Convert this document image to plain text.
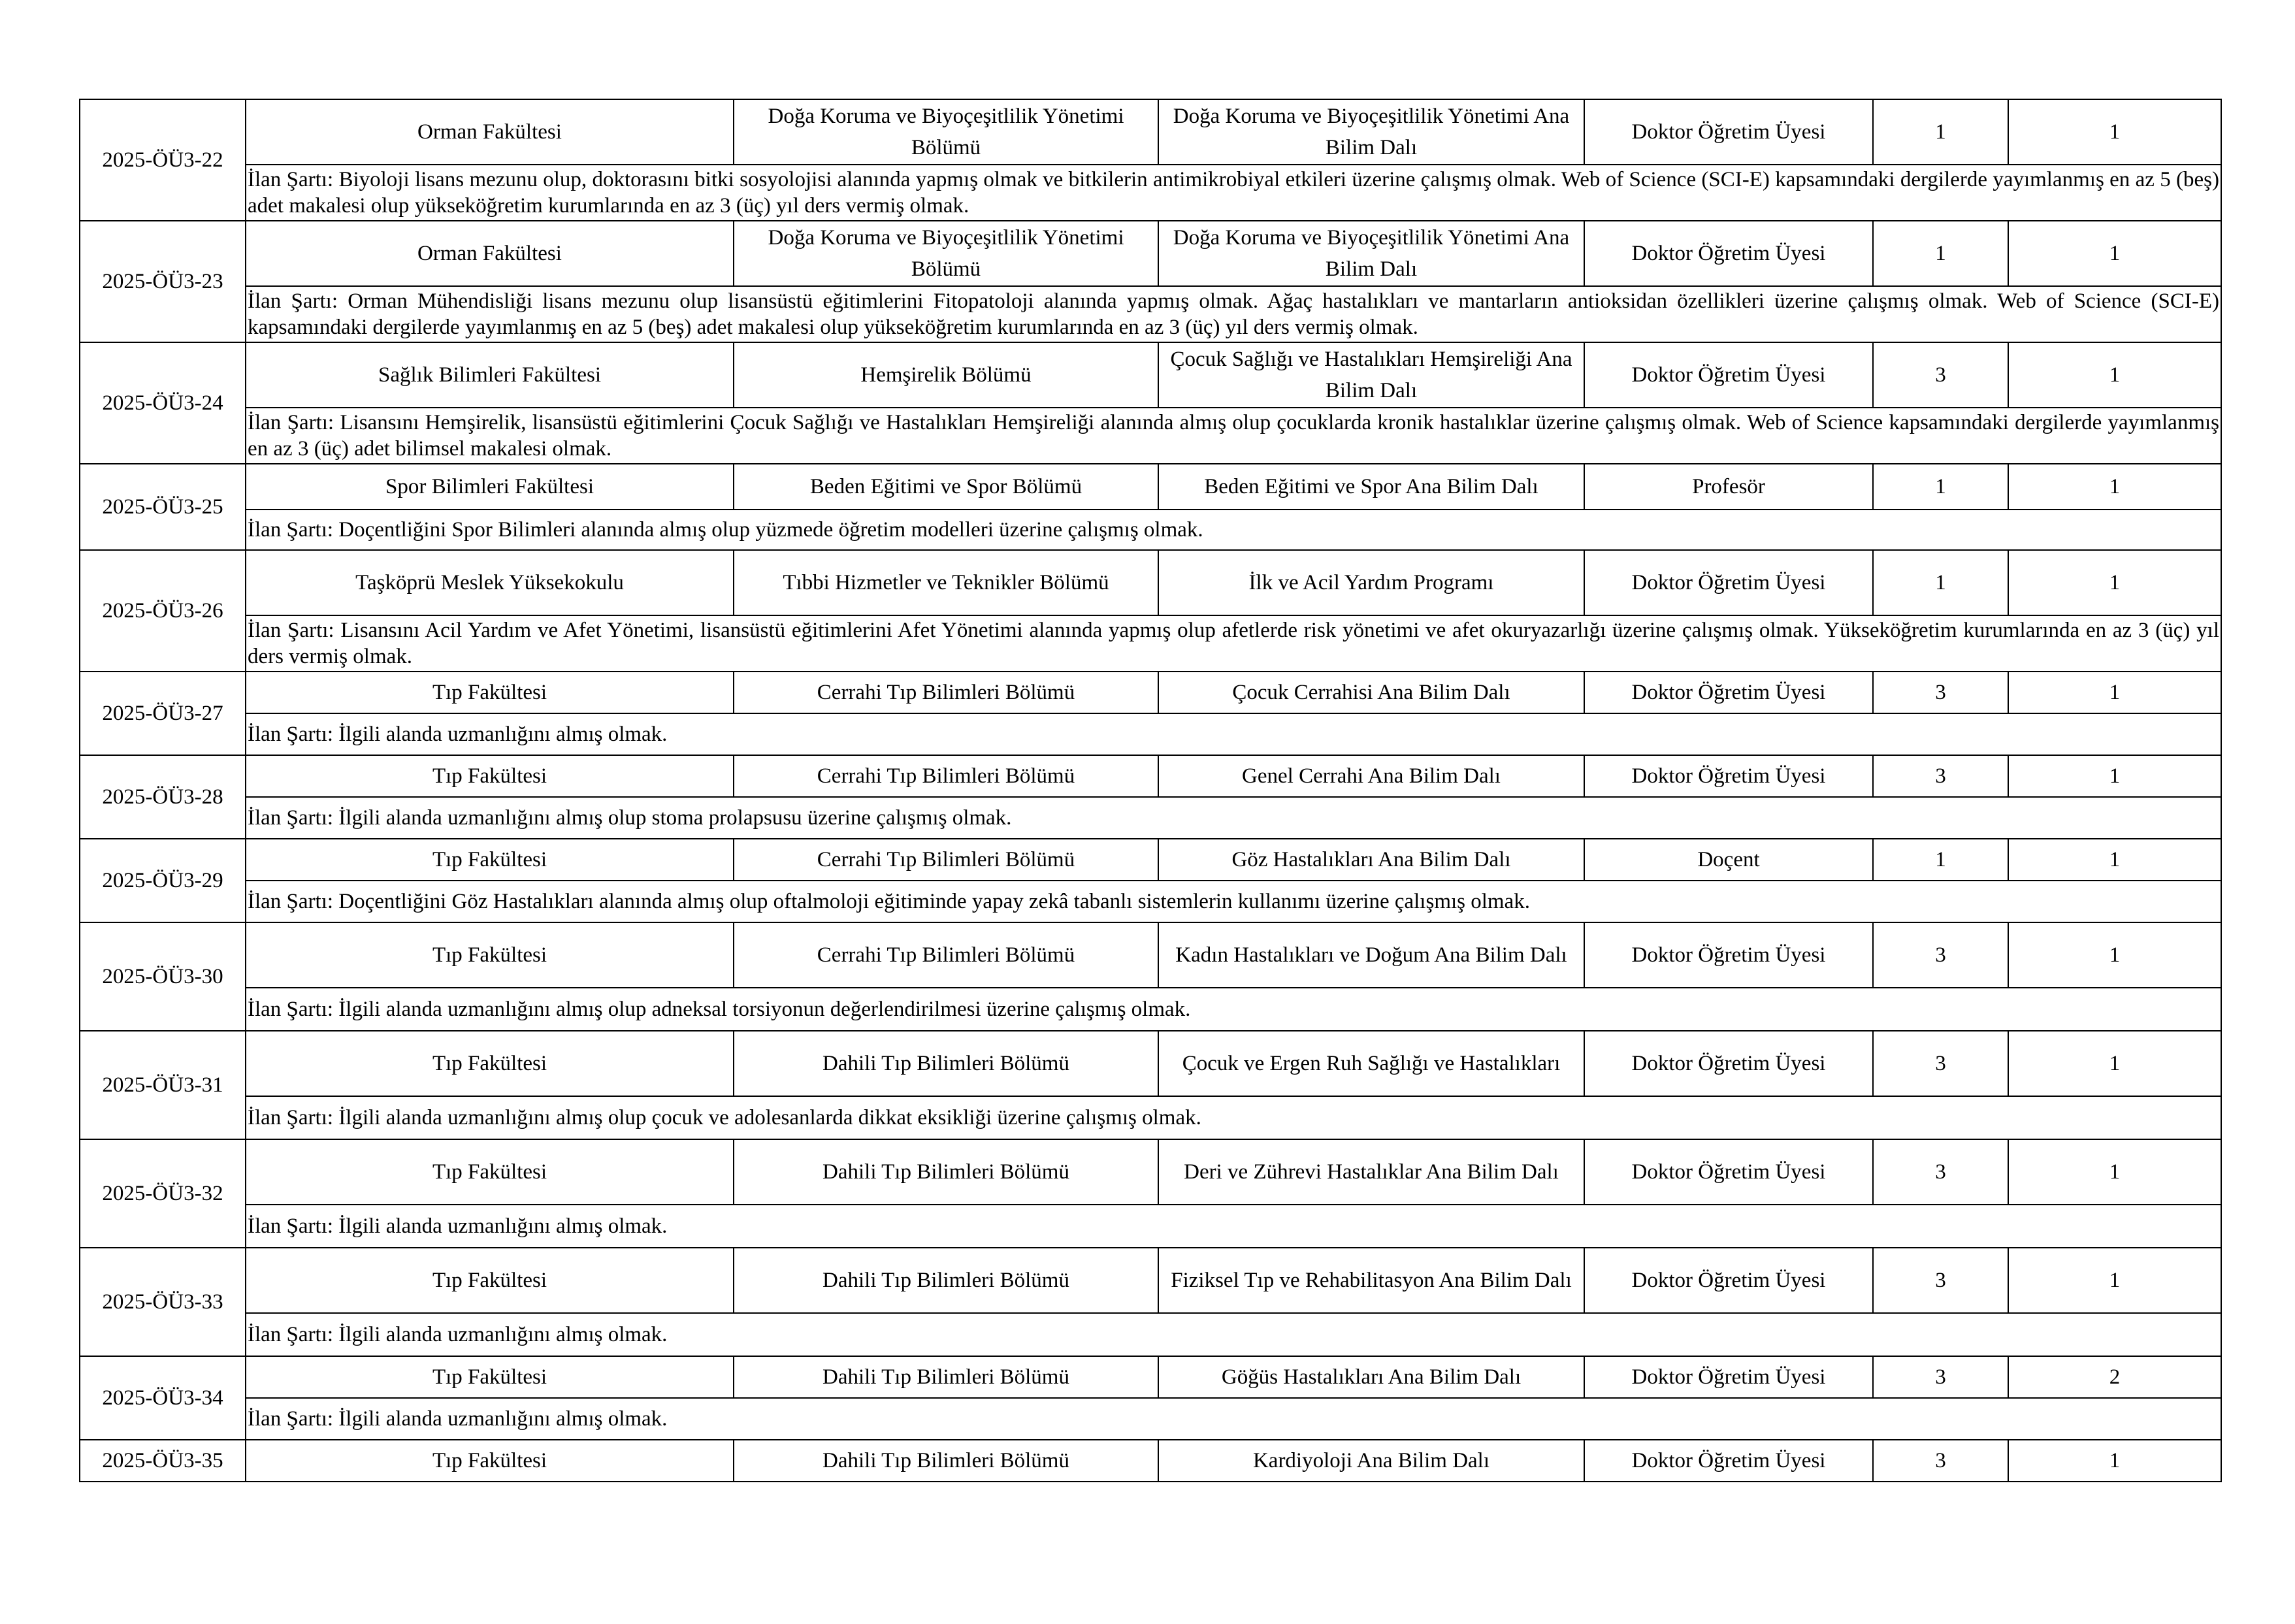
2025-ÖÜ3-22	Orman Fakültesi	Doğa Koruma ve Biyoçeşitlilik Yönetimi Bölümü	Doğa Koruma ve Biyoçeşitlilik Yönetimi Ana Bilim Dalı	Doktor Öğretim Üyesi	1	1
	İlan Şartı: Biyoloji lisans mezunu olup, doktorasını bitki sosyolojisi alanında yapmış olmak ve bitkilerin antimikrobiyal etkileri üzerine çalışmış olmak. Web of Science (SCI-E) kapsamındaki dergilerde yayımlanmış en az 5 (beş) adet makalesi olup yükseköğretim kurumlarında en az 3 (üç) yıl ders vermiş olmak.					
2025-ÖÜ3-23	Orman Fakültesi	Doğa Koruma ve Biyoçeşitlilik Yönetimi Bölümü	Doğa Koruma ve Biyoçeşitlilik Yönetimi Ana Bilim Dalı	Doktor Öğretim Üyesi	1	1
	İlan Şartı: Orman Mühendisliği lisans mezunu olup lisansüstü eğitimlerini Fitopatoloji alanında yapmış olmak. Ağaç hastalıkları ve mantarların antioksidan özellikleri üzerine çalışmış olmak. Web of Science (SCI-E) kapsamındaki dergilerde yayımlanmış en az 5 (beş) adet makalesi olup yükseköğretim kurumlarında en az 3 (üç) yıl ders vermiş olmak.					
2025-ÖÜ3-24	Sağlık Bilimleri Fakültesi	Hemşirelik Bölümü	Çocuk Sağlığı ve Hastalıkları Hemşireliği Ana Bilim Dalı	Doktor Öğretim Üyesi	3	1
	İlan Şartı: Lisansını Hemşirelik, lisansüstü eğitimlerini Çocuk Sağlığı ve Hastalıkları Hemşireliği alanında almış olup çocuklarda kronik hastalıklar üzerine çalışmış olmak. Web of Science kapsamındaki dergilerde yayımlanmış en az 3 (üç) adet bilimsel makalesi olmak.					
2025-ÖÜ3-25	Spor Bilimleri Fakültesi	Beden Eğitimi ve Spor Bölümü	Beden Eğitimi ve Spor Ana Bilim Dalı	Profesör	1	1
	İlan Şartı: Doçentliğini Spor Bilimleri alanında almış olup yüzmede öğretim modelleri üzerine çalışmış olmak.					
2025-ÖÜ3-26	Taşköprü Meslek Yüksekokulu	Tıbbi Hizmetler ve Teknikler Bölümü	İlk ve Acil Yardım Programı	Doktor Öğretim Üyesi	1	1
	İlan Şartı: Lisansını Acil Yardım ve Afet Yönetimi, lisansüstü eğitimlerini Afet Yönetimi alanında yapmış olup afetlerde risk yönetimi ve afet okuryazarlığı üzerine çalışmış olmak. Yükseköğretim kurumlarında en az 3 (üç) yıl ders vermiş olmak.					
2025-ÖÜ3-27	Tıp Fakültesi	Cerrahi Tıp Bilimleri Bölümü	Çocuk Cerrahisi Ana Bilim Dalı	Doktor Öğretim Üyesi	3	1
	İlan Şartı: İlgili alanda uzmanlığını almış olmak.					
2025-ÖÜ3-28	Tıp Fakültesi	Cerrahi Tıp Bilimleri Bölümü	Genel Cerrahi Ana Bilim Dalı	Doktor Öğretim Üyesi	3	1
	İlan Şartı: İlgili alanda uzmanlığını almış olup stoma prolapsusu üzerine çalışmış olmak.					
2025-ÖÜ3-29	Tıp Fakültesi	Cerrahi Tıp Bilimleri Bölümü	Göz Hastalıkları Ana Bilim Dalı	Doçent	1	1
	İlan Şartı: Doçentliğini Göz Hastalıkları alanında almış olup oftalmoloji eğitiminde yapay zekâ tabanlı sistemlerin kullanımı üzerine çalışmış olmak.					
2025-ÖÜ3-30	Tıp Fakültesi	Cerrahi Tıp Bilimleri Bölümü	Kadın Hastalıkları ve Doğum Ana Bilim Dalı	Doktor Öğretim Üyesi	3	1
	İlan Şartı: İlgili alanda uzmanlığını almış olup adneksal torsiyonun değerlendirilmesi üzerine çalışmış olmak.					
2025-ÖÜ3-31	Tıp Fakültesi	Dahili Tıp Bilimleri Bölümü	Çocuk ve Ergen Ruh Sağlığı ve Hastalıkları	Doktor Öğretim Üyesi	3	1
	İlan Şartı: İlgili alanda uzmanlığını almış olup çocuk ve adolesanlarda dikkat eksikliği üzerine çalışmış olmak.					
2025-ÖÜ3-32	Tıp Fakültesi	Dahili Tıp Bilimleri Bölümü	Deri ve Zührevi Hastalıklar Ana Bilim Dalı	Doktor Öğretim Üyesi	3	1
	İlan Şartı: İlgili alanda uzmanlığını almış olmak.					
2025-ÖÜ3-33	Tıp Fakültesi	Dahili Tıp Bilimleri Bölümü	Fiziksel Tıp ve Rehabilitasyon Ana Bilim Dalı	Doktor Öğretim Üyesi	3	1
	İlan Şartı: İlgili alanda uzmanlığını almış olmak.					
2025-ÖÜ3-34	Tıp Fakültesi	Dahili Tıp Bilimleri Bölümü	Göğüs Hastalıkları Ana Bilim Dalı	Doktor Öğretim Üyesi	3	2
	İlan Şartı: İlgili alanda uzmanlığını almış olmak.					
2025-ÖÜ3-35	Tıp Fakültesi	Dahili Tıp Bilimleri Bölümü	Kardiyoloji Ana Bilim Dalı	Doktor Öğretim Üyesi	3	1
